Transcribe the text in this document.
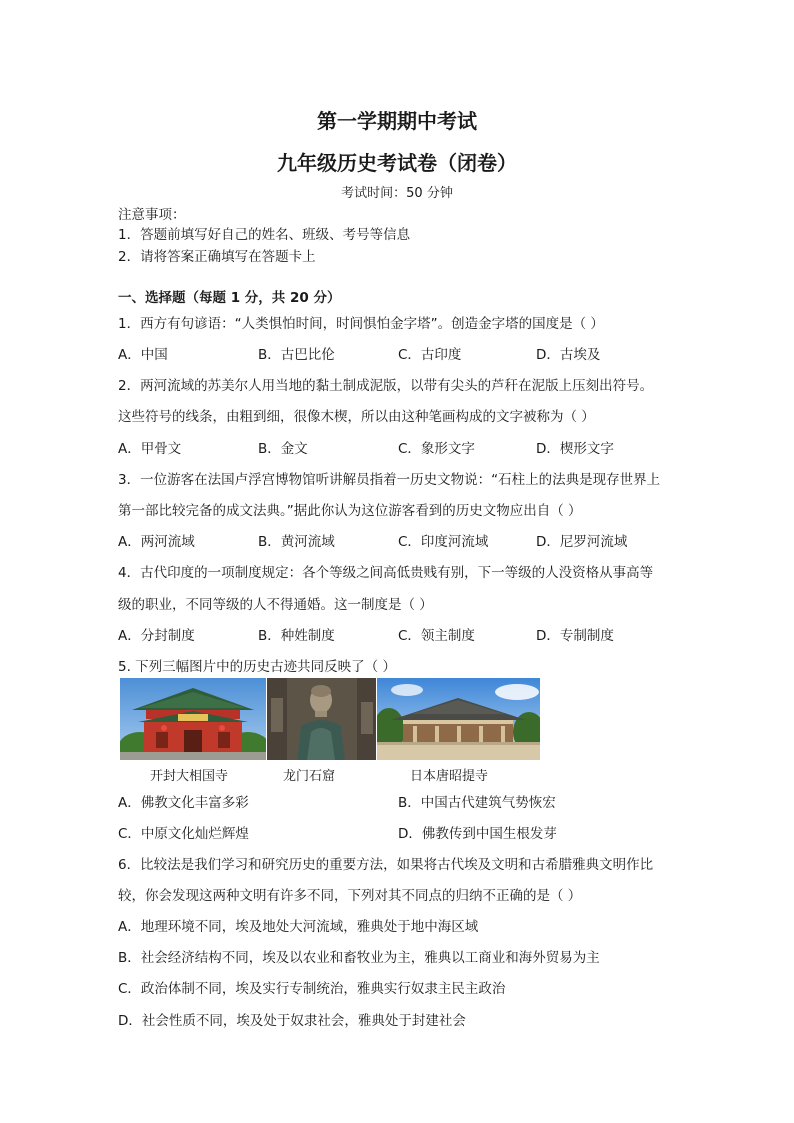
第一学期期中考试
九年级历史考试卷（闭卷）
考试时间：50 分钟
注意事项：
1．答题前填写好自己的姓名、班级、考号等信息
2．请将答案正确填写在答题卡上
一、选择题（每题 1 分，共 20 分）
1．西方有句谚语：“人类惧怕时间，时间惧怕金字塔”。创造金字塔的国度是（ ）
A．中国	B．古巴比伦	C．古印度	D．古埃及
2．两河流域的苏美尔人用当地的黏土制成泥版，以带有尖头的芦秆在泥版上压刻出符号。
这些符号的线条，由粗到细，很像木楔，所以由这种笔画构成的文字被称为（ ）
A．甲骨文	B．金文	C．象形文字	D．楔形文字
3．一位游客在法国卢浮宫博物馆听讲解员指着一历史文物说：“石柱上的法典是现存世界上
第一部比较完备的成文法典。”据此你认为这位游客看到的历史文物应出自（ ）
A．两河流域	B．黄河流域	C．印度河流域	D．尼罗河流域
4．古代印度的一项制度规定：各个等级之间高低贵贱有别，下一等级的人没资格从事高等
级的职业，不同等级的人不得通婚。这一制度是（ ）
A．分封制度	B．种姓制度	C．领主制度	D．专制制度
5. 下列三幅图片中的历史古迹共同反映了（ ）
开封大相国寺	龙门石窟	日本唐昭提寺
A．佛教文化丰富多彩	B．中国古代建筑气势恢宏
C．中原文化灿烂辉煌	D．佛教传到中国生根发芽
6．比较法是我们学习和研究历史的重要方法，如果将古代埃及文明和古希腊雅典文明作比
较，你会发现这两种文明有许多不同，下列对其不同点的归纳不正确的是（ ）
A．地理环境不同，埃及地处大河流域，雅典处于地中海区域
B．社会经济结构不同，埃及以农业和畜牧业为主，雅典以工商业和海外贸易为主
C．政治体制不同，埃及实行专制统治，雅典实行奴隶主民主政治
D．社会性质不同，埃及处于奴隶社会，雅典处于封建社会
